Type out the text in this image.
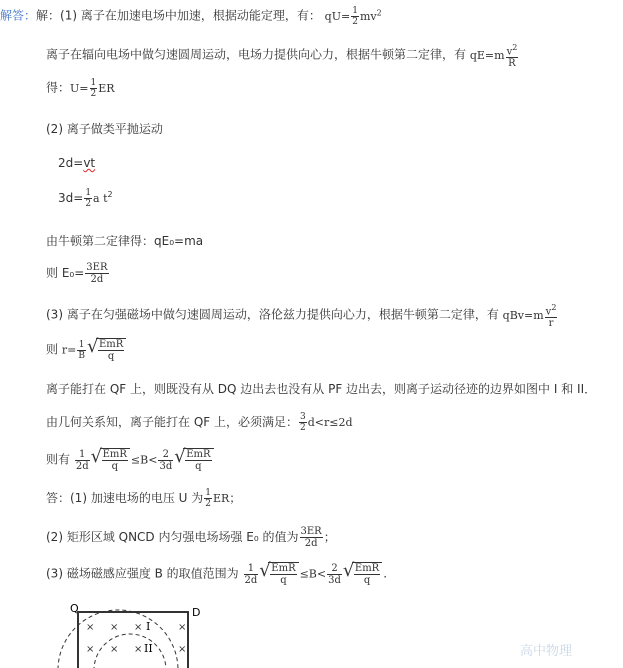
解答：解：(1) 离子在加速电场中加速，根据动能定理，有： $qU= \frac{1}{2} mv^2$
离子在辐向电场中做匀速圆周运动，电场力提供向心力，根据牛顿第二定律，有 $qE=m \frac{v^2}{R}$
得：$U= \frac{1}{2}$ ER
(2) 离子做类平抛运动
2d=vt
$3d= \frac{1}{2}$ a $t^2$
由牛顿第二定律得：qE₀=ma
则 $E_0= \frac{3ER}{2d}$
(3) 离子在匀强磁场中做匀速圆周运动，洛伦兹力提供向心力，根据牛顿第二定律，有 $qBv=m \frac{v^2}{r}$
则 $r= \frac{1}{B}$ √
$\frac{\text{EmR}}{q}$
离子能打在 QF 上，则既没有从 DQ 边出去也没有从 PF 边出去，则离子运动径迹的边界如图中 I 和 II．
由几何关系知，离子能打在 QF 上，必须满足： $\frac{3}{2} d<r\le 2d$
则有 $\frac{1}{2d}$ √
$\frac{\text{EmR}}{q} \le B< \frac{2}{3d}$ √
$\frac{\text{EmR}}{q}$
答：(1) 加速电场的电压 U 为 $\frac{1}{2}$ ER；
(2) 矩形区域 QNCD 内匀强电场场强 E₀ 的值为 $\frac{3ER}{2d}$ ；
(3) 磁场磁感应强度 B 的取值范围为 $\frac{1}{2d}$ √
$\frac{\text{EmR}}{q} \le B< \frac{2}{3d}$ √
$\frac{\text{EmR}}{q}$ .
Q	D
I
II
× × ×	×
× × ×	×	高中物理
